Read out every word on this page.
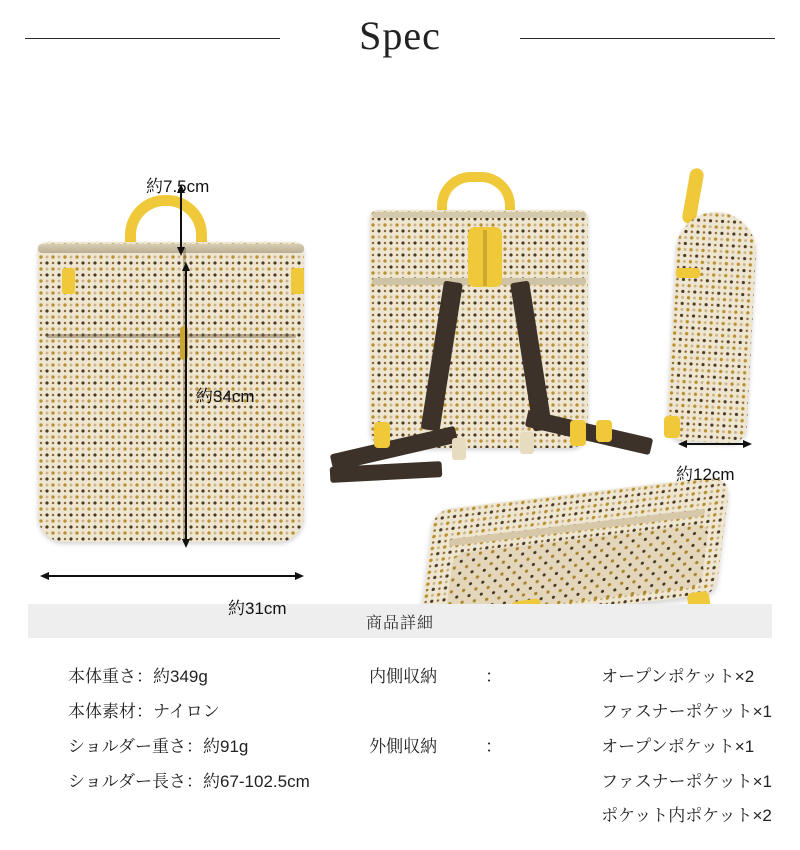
Spec
約7.5cm
約34cm
約31cm
約12cm
商品詳細
本体重さ ： 約349g
本体素材 ： ナイロン
ショルダー重さ ： 約91g
ショルダー長さ ： 約67-102.5cm
内側収納	：	オープンポケット×2
ファスナーポケット×1
外側収納	：	オープンポケット×1
ファスナーポケット×1
ポケット内ポケット×2
